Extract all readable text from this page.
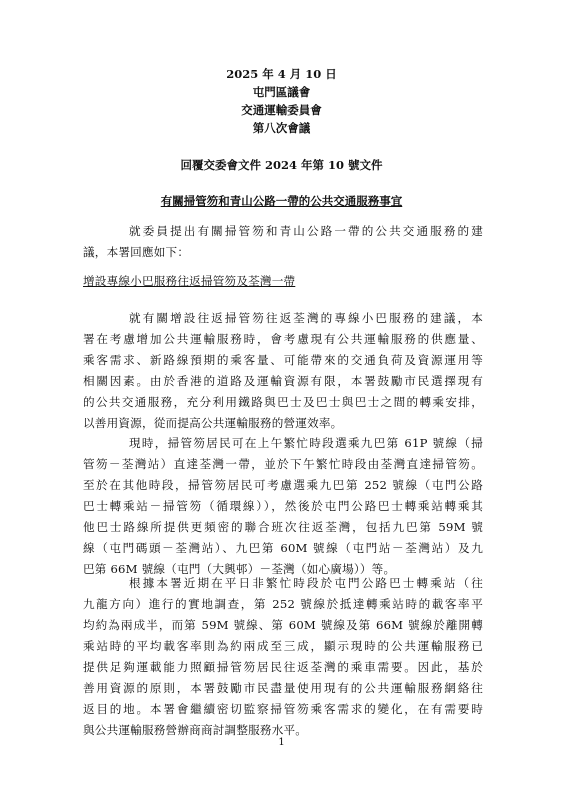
2025 年 4 月 10 日
屯門區議會
交通運輸委員會
第八次會議
回覆交委會文件 2024 年第 10 號文件
有關掃管笏和青山公路一帶的公共交通服務事宜
就委員提出有關掃管笏和青山公路一帶的公共交通服務的建
議，本署回應如下：
增設專線小巴服務往返掃管笏及荃灣一帶
就有關增設往返掃管笏往返荃灣的專線小巴服務的建議，本
署在考慮增加公共運輸服務時，會考慮現有公共運輸服務的供應量、
乘客需求、新路線預期的乘客量、可能帶來的交通負荷及資源運用等
相關因素。由於香港的道路及運輸資源有限，本署鼓勵市民選擇現有
的公共交通服務，充分利用鐵路與巴士及巴士與巴士之間的轉乘安排，
以善用資源，從而提高公共運輸服務的營運效率。
現時，掃管笏居民可在上午繁忙時段選乘九巴第 61P 號線（掃
管笏－荃灣站）直達荃灣一帶，並於下午繁忙時段由荃灣直達掃管笏。
至於在其他時段，掃管笏居民可考慮選乘九巴第 252 號線（屯門公路
巴士轉乘站－掃管笏（循環線）），然後於屯門公路巴士轉乘站轉乘其
他巴士路線所提供更頻密的聯合班次往返荃灣，包括九巴第 59M 號
線（屯門碼頭－荃灣站）、九巴第 60M 號線（屯門站－荃灣站）及九
巴第 66M 號線（屯門（大興邨）－荃灣（如心廣場））等。
根據本署近期在平日非繁忙時段於屯門公路巴士轉乘站（往
九龍方向）進行的實地調查，第 252 號線於抵達轉乘站時的載客率平
均約為兩成半，而第 59M 號線、第 60M 號線及第 66M 號線於離開轉
乘站時的平均載客率則為約兩成至三成，顯示現時的公共運輸服務已
提供足夠運載能力照顧掃管笏居民往返荃灣的乘車需要。因此，基於
善用資源的原則，本署鼓勵市民盡量使用現有的公共運輸服務網絡往
返目的地。本署會繼續密切監察掃管笏乘客需求的變化，在有需要時
與公共運輸服務營辦商商討調整服務水平。
1
